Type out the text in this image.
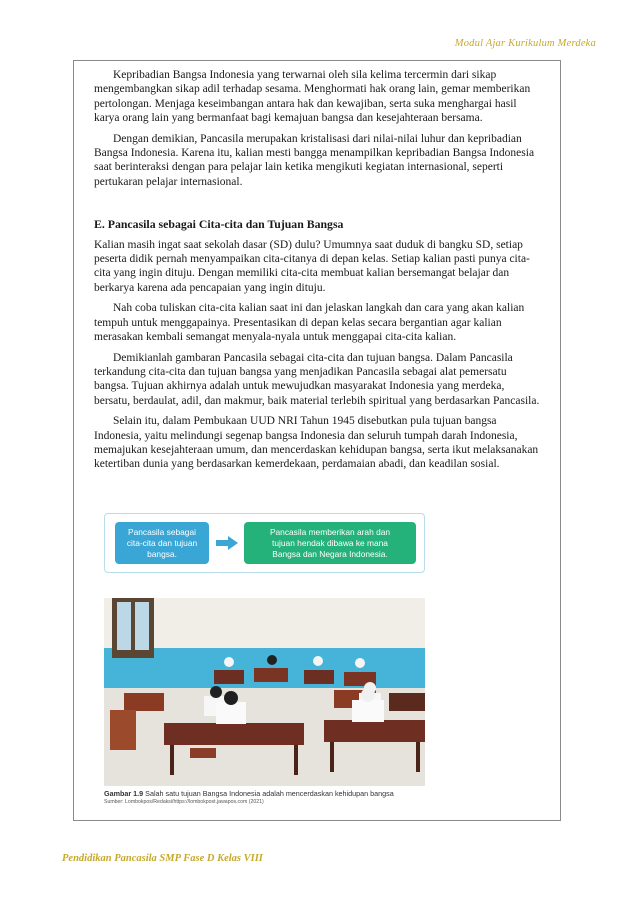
Modul Ajar Kurikulum Merdeka

Kepribadian Bangsa Indonesia yang terwarnai oleh sila kelima tercermin dari sikap mengembangkan sikap adil terhadap sesama. Menghormati hak orang lain, gemar memberikan pertolongan. Menjaga keseimbangan antara hak dan kewajiban, serta suka menghargai hasil karya orang lain yang bermanfaat bagi kemajuan bangsa dan kesejahteraan bersama.

Dengan demikian, Pancasila merupakan kristalisasi dari nilai-nilai luhur dan kepribadian Bangsa Indonesia. Karena itu, kalian mesti bangga menampilkan kepribadian Bangsa Indonesia saat berinteraksi dengan para pelajar lain ketika mengikuti kegiatan internasional, seperti pertukaran pelajar internasional.

E. Pancasila sebagai Cita-cita dan Tujuan Bangsa

Kalian masih ingat saat sekolah dasar (SD) dulu? Umumnya saat duduk di bangku SD, setiap peserta didik pernah menyampaikan cita-citanya di depan kelas. Setiap kalian pasti punya cita-cita yang ingin dituju. Dengan memiliki cita-cita membuat kalian bersemangat belajar dan berkarya karena ada pencapaian yang ingin dituju.

Nah coba tuliskan cita-cita kalian saat ini dan jelaskan langkah dan cara yang akan kalian tempuh untuk menggapainya. Presentasikan di depan kelas secara bergantian agar kalian merasakan kembali semangat menyala-nyala untuk menggapai cita-cita kalian.

Demikianlah gambaran Pancasila sebagai cita-cita dan tujuan bangsa. Dalam Pancasila terkandung cita-cita dan tujuan bangsa yang menjadikan Pancasila sebagai alat pemersatu bangsa. Tujuan akhirnya adalah untuk mewujudkan masyarakat Indonesia yang merdeka, bersatu, berdaulat, adil, dan makmur, baik material terlebih spiritual yang berdasarkan Pancasila.

Selain itu, dalam Pembukaan UUD NRI Tahun 1945 disebutkan pula tujuan bangsa Indonesia, yaitu melindungi segenap bangsa Indonesia dan seluruh tumpah darah Indonesia, memajukan kesejahteraan umum, dan mencerdaskan kehidupan bangsa, serta ikut melaksanakan ketertiban dunia yang berdasarkan kemerdekaan, perdamaian abadi, dan keadilan sosial.

Pancasila sebagai cita-cita dan tujuan bangsa.
Pancasila memberikan arah dan tujuan hendak dibawa ke mana Bangsa dan Negara Indonesia.
Gambar 1.9 Salah satu tujuan Bangsa Indonesia adalah mencerdaskan kehidupan bangsa
Sumber: Lombokpos/Redaksi/https://lombokpost.jawapos.com (2021)
Pendidikan Pancasila SMP Fase D Kelas VIII
